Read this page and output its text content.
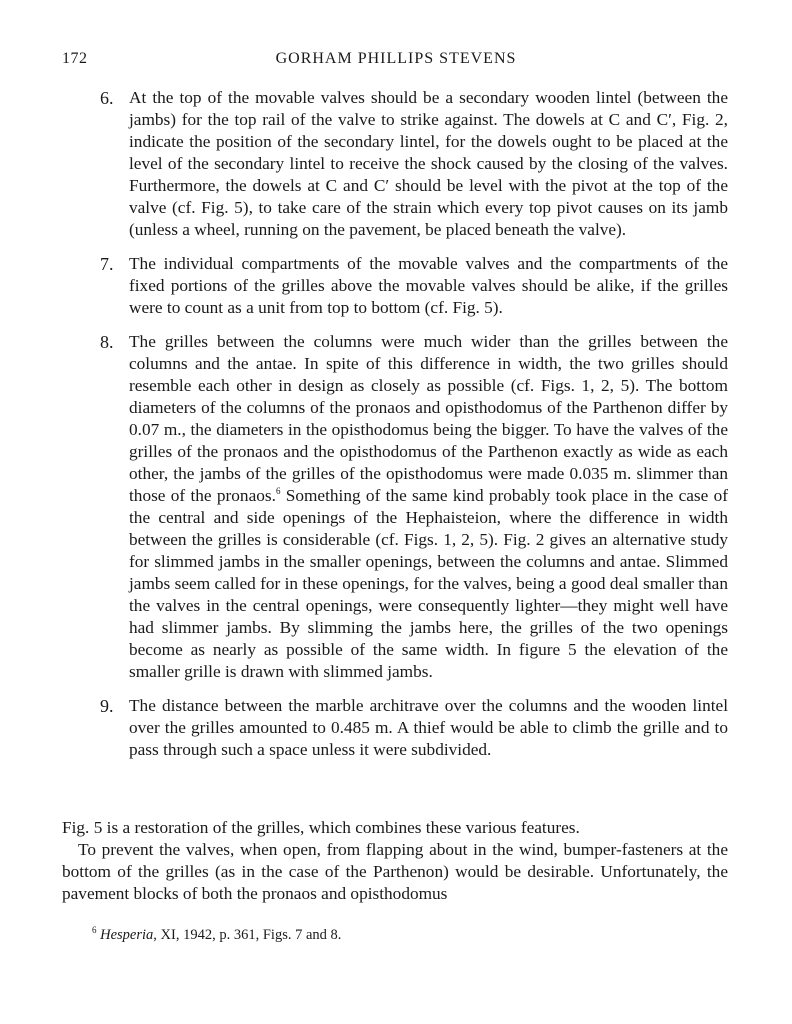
172	GORHAM PHILLIPS STEVENS
6. At the top of the movable valves should be a secondary wooden lintel (between the jambs) for the top rail of the valve to strike against. The dowels at C and C′, Fig. 2, indicate the position of the secondary lintel, for the dowels ought to be placed at the level of the secondary lintel to receive the shock caused by the closing of the valves. Furthermore, the dowels at C and C′ should be level with the pivot at the top of the valve (cf. Fig. 5), to take care of the strain which every top pivot causes on its jamb (unless a wheel, running on the pavement, be placed beneath the valve).
7. The individual compartments of the movable valves and the compartments of the fixed portions of the grilles above the movable valves should be alike, if the grilles were to count as a unit from top to bottom (cf. Fig. 5).
8. The grilles between the columns were much wider than the grilles between the columns and the antae. In spite of this difference in width, the two grilles should resemble each other in design as closely as possible (cf. Figs. 1, 2, 5). The bottom diameters of the columns of the pronaos and opisthodomus of the Parthenon differ by 0.07 m., the diameters in the opisthodomus being the bigger. To have the valves of the grilles of the pronaos and the opisthodomus of the Parthenon exactly as wide as each other, the jambs of the grilles of the opisthodomus were made 0.035 m. slimmer than those of the pronaos.$^6$ Something of the same kind probably took place in the case of the central and side openings of the Hephaisteion, where the difference in width between the grilles is considerable (cf. Figs. 1, 2, 5). Fig. 2 gives an alternative study for slimmed jambs in the smaller openings, between the columns and antae. Slimmed jambs seem called for in these openings, for the valves, being a good deal smaller than the valves in the central openings, were consequently lighter—they might well have had slimmer jambs. By slimming the jambs here, the grilles of the two openings become as nearly as possible of the same width. In figure 5 the elevation of the smaller grille is drawn with slimmed jambs.
9. The distance between the marble architrave over the columns and the wooden lintel over the grilles amounted to 0.485 m. A thief would be able to climb the grille and to pass through such a space unless it were subdivided.

Fig. 5 is a restoration of the grilles, which combines these various features.

To prevent the valves, when open, from flapping about in the wind, bumper-fasteners at the bottom of the grilles (as in the case of the Parthenon) would be desirable. Unfortunately, the pavement blocks of both the pronaos and opisthodomus

$^6$ Hesperia, XI, 1942, p. 361, Figs. 7 and 8.
